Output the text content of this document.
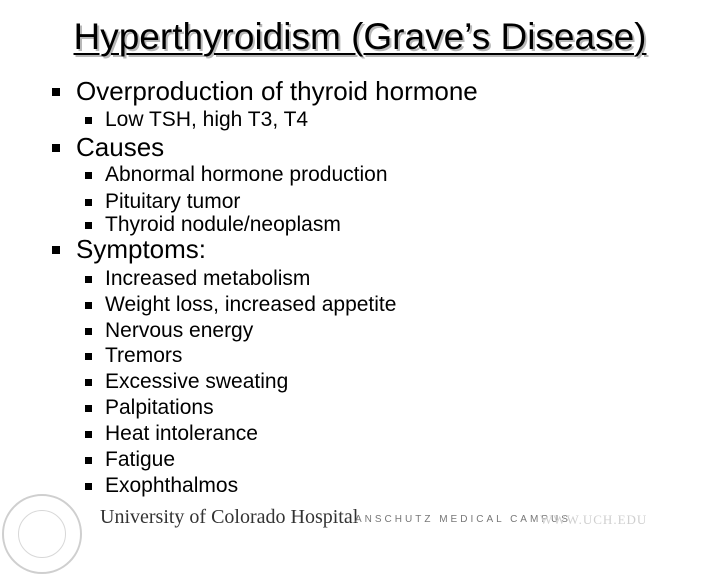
Hyperthyroidism (Grave’s Disease)
Overproduction of thyroid hormone
Low TSH, high T3, T4
Causes
Abnormal hormone production
Pituitary tumor
Thyroid nodule/neoplasm
Symptoms:
Increased metabolism
Weight loss, increased appetite
Nervous energy
Tremors
Excessive sweating
Palpitations
Heat intolerance
Fatigue
Exophthalmos
University of Colorado Hospital
ANSCHUTZ MEDICAL CAMPUS
WWW.UCH.EDU
